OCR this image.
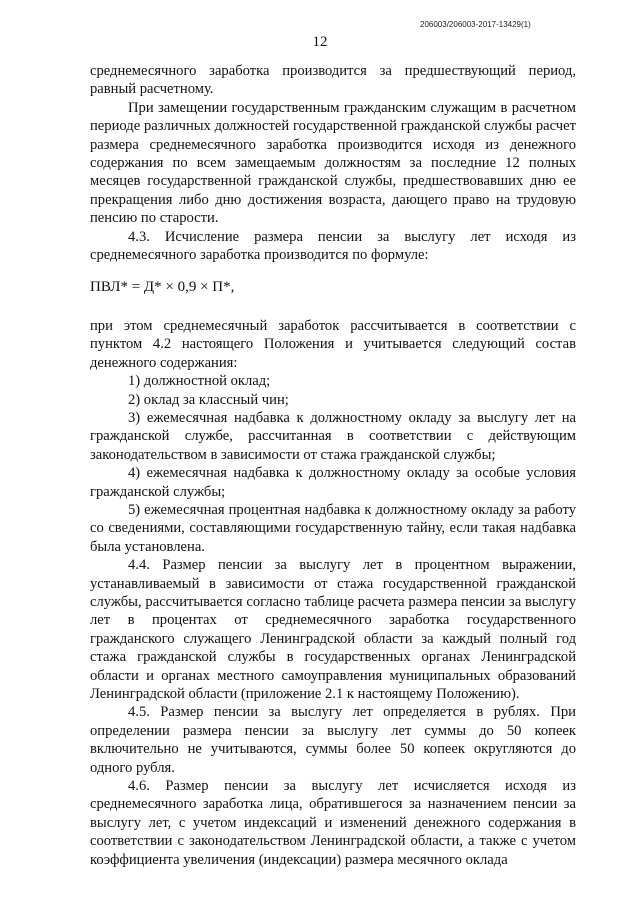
206003/206003-2017-13429(1)
12

среднемесячного заработка производится за предшествующий период, равный расчетному.

При замещении государственным гражданским служащим в расчетном периоде различных должностей государственной гражданской службы расчет размера среднемесячного заработка производится исходя из денежного содержания по всем замещаемым должностям за последние 12 полных месяцев государственной гражданской службы, предшествовавших дню ее прекращения либо дню достижения возраста, дающего право на трудовую пенсию по старости.

4.3. Исчисление размера пенсии за выслугу лет исходя из среднемесячного заработка производится по формуле:

ПВЛ* = Д* × 0,9 × П*,

при этом среднемесячный заработок рассчитывается в соответствии с пунктом 4.2 настоящего Положения и учитывается следующий состав денежного содержания:

1) должностной оклад;

2) оклад за классный чин;

3) ежемесячная надбавка к должностному окладу за выслугу лет на гражданской службе, рассчитанная в соответствии с действующим законодательством в зависимости от стажа гражданской службы;

4) ежемесячная надбавка к должностному окладу за особые условия гражданской службы;

5) ежемесячная процентная надбавка к должностному окладу за работу со сведениями, составляющими государственную тайну, если такая надбавка была установлена.

4.4. Размер пенсии за выслугу лет в процентном выражении, устанавливаемый в зависимости от стажа государственной гражданской службы, рассчитывается согласно таблице расчета размера пенсии за выслугу лет в процентах от среднемесячного заработка государственного гражданского служащего Ленинградской области за каждый полный год стажа гражданской службы в государственных органах Ленинградской области и органах местного самоуправления муниципальных образований Ленинградской области (приложение 2.1 к настоящему Положению).

4.5. Размер пенсии за выслугу лет определяется в рублях. При определении размера пенсии за выслугу лет суммы до 50 копеек включительно не учитываются, суммы более 50 копеек округляются до одного рубля.

4.6. Размер пенсии за выслугу лет исчисляется исходя из среднемесячного заработка лица, обратившегося за назначением пенсии за выслугу лет, с учетом индексаций и изменений денежного содержания в соответствии с законодательством Ленинградской области, а также с учетом коэффициента увеличения (индексации) размера месячного оклада
